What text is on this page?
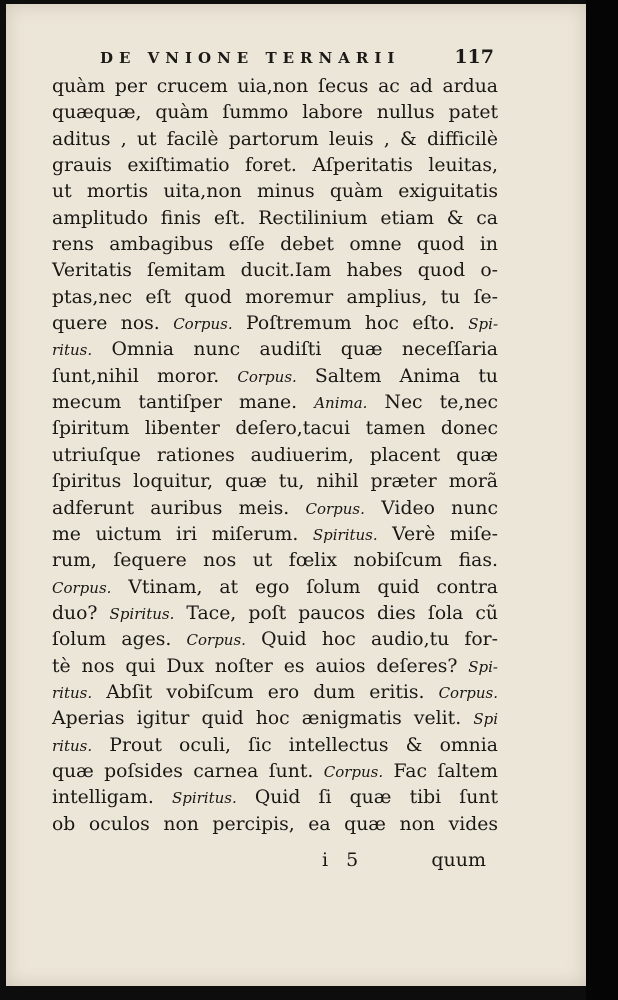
DE VNIONE TERNARII	117
quàm per crucem uia,non ſecus ac ad ardua
quæquæ, quàm ſummo labore nullus patet
aditus , ut facilè partorum leuis , & difficilè
grauis exiſtimatio foret. Aſperitatis leuitas,
ut mortis uita,non minus quàm exiguitatis
amplitudo finis eſt. Rectilinium etiam & ca
rens ambagibus eſſe debet omne quod in
Veritatis ſemitam ducit.Iam habes quod o-
ptas,nec eſt quod moremur amplius, tu ſe-
quere nos. Corpus. Poſtremum hoc eſto. Spi-
ritus. Omnia nunc audiſti quæ neceſſaria
ſunt,nihil moror. Corpus. Saltem Anima tu
mecum tantiſper mane. Anima. Nec te,nec
ſpiritum libenter deſero,tacui tamen donec
utriuſque rationes audiuerim, placent quæ
ſpiritus loquitur, quæ tu, nihil præter morã
adferunt auribus meis. Corpus. Video nunc
me uictum iri miſerum. Spiritus. Verè miſe-
rum, ſequere nos ut fœlix nobiſcum fias.
Corpus. Vtinam, at ego ſolum quid contra
duo? Spiritus. Tace, poſt paucos dies ſola cũ
ſolum ages. Corpus. Quid hoc audio,tu for-
tè nos qui Dux noſter es auios deſeres? Spi-
ritus. Abſit vobiſcum ero dum eritis. Corpus.
Aperias igitur quid hoc ænigmatis velit. Spi
ritus. Prout oculi, ſic intellectus & omnia
quæ poſsides carnea ſunt. Corpus. Fac ſaltem
intelligam. Spiritus. Quid ſi quæ tibi ſunt
ob oculos non percipis, ea quæ non vides
i 5	quum
